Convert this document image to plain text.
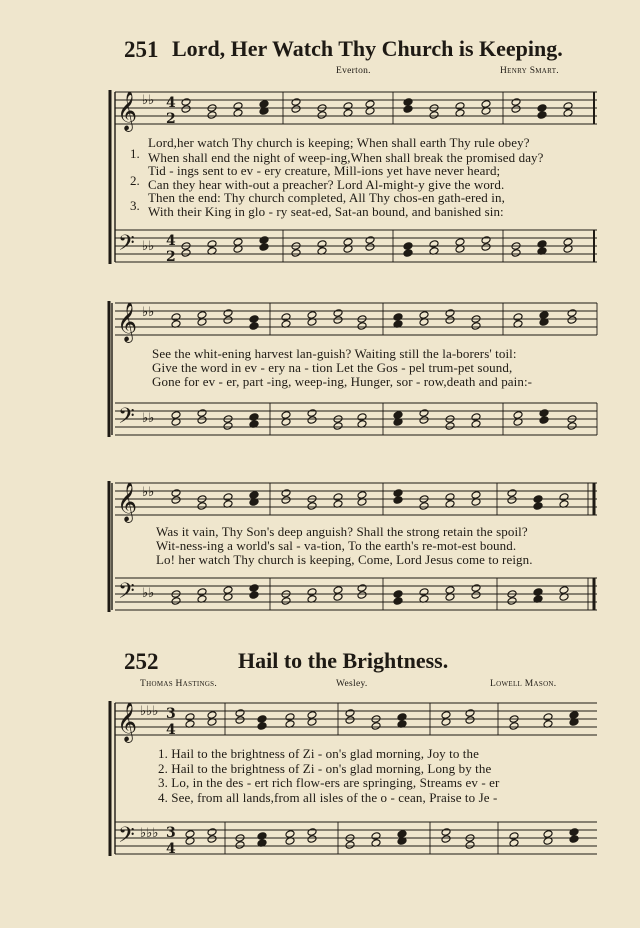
251 Lord, Her Watch Thy Church is Keeping.
Everton.	Henry Smart.
𝄞
𝄢
𝄞
𝄢
𝄞
𝄢
𝄞
𝄢
♭♭
♭♭
♭♭
♭♭
♭♭
♭♭
♭♭♭
♭♭♭
4
2
4
2
3
4
3
4
1.
2.
3.
Lord,her watch Thy church is keeping; When shall earth Thy rule obey?
When shall end the night of weep-ing,When shall break the promised day?
Tid - ings sent to ev - ery creature, Mill-ions yet have never heard;
Can they hear with-out a preacher? Lord Al-might-y give the word.
Then the end: Thy church completed, All Thy chos-en gath-ered in,
With their King in glo - ry seat-ed, Sat-an bound, and banished sin:
See the whit-ening harvest lan-guish? Waiting still the la-borers' toil:
Give the word in ev - ery na - tion Let the Gos - pel trum-pet sound,
Gone for ev - er, part -ing, weep-ing, Hunger, sor - row,death and pain:-
Was it vain, Thy Son's deep anguish? Shall the strong retain the spoil?
Wit-ness-ing a world's sal - va-tion, To the earth's re-mot-est bound.
Lo! her watch Thy church is keeping, Come, Lord Jesus come to reign.
252	Hail to the Brightness.
Thomas Hastings.	Wesley.	Lowell Mason.
1. Hail to the brightness of Zi - on's glad morning, Joy to the
2. Hail to the brightness of Zi - on's glad morning, Long by the
3. Lo, in the des - ert rich flow-ers are springing, Streams ev - er
4. See, from all lands,from all isles of the o - cean, Praise to Je -
